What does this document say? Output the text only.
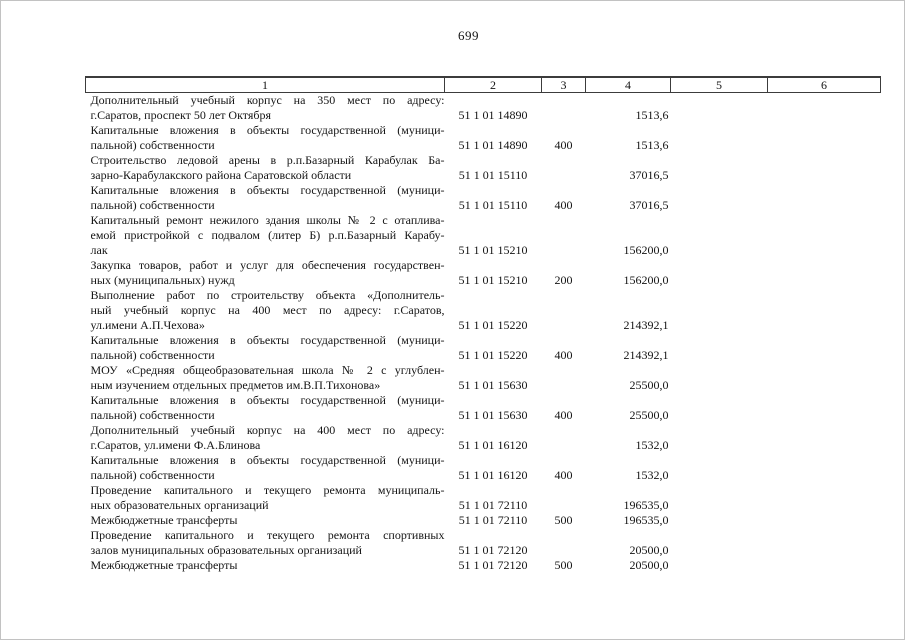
699
1	2	3	4	5	6

Дополнительный учебный корпус на 350 мест по адресу:
г.Саратов, проспект 50 лет Октября	51 1 01 14890		1513,6		

Капитальные вложения в объекты государственной (муници-
пальной) собственности	51 1 01 14890	400	1513,6		

Строительство ледовой арены в р.п.Базарный Карабулак Ба-
зарно-Карабулакского района Саратовской области	51 1 01 15110		37016,5		

Капитальные вложения в объекты государственной (муници-
пальной) собственности	51 1 01 15110	400	37016,5		

Капитальный ремонт нежилого здания школы № 2 с отаплива-
емой пристройкой с подвалом (литер Б) р.п.Базарный Карабу-
лак	51 1 01 15210		156200,0		

Закупка товаров, работ и услуг для обеспечения государствен-
ных (муниципальных) нужд	51 1 01 15210	200	156200,0		

Выполнение работ по строительству объекта «Дополнитель-
ный учебный корпус на 400 мест по адресу: г.Саратов,
ул.имени А.П.Чехова»	51 1 01 15220		214392,1		

Капитальные вложения в объекты государственной (муници-
пальной) собственности	51 1 01 15220	400	214392,1		

МОУ «Средняя общеобразовательная школа № 2 с углублен-
ным изучением отдельных предметов им.В.П.Тихонова»	51 1 01 15630		25500,0		

Капитальные вложения в объекты государственной (муници-
пальной) собственности	51 1 01 15630	400	25500,0		

Дополнительный учебный корпус на 400 мест по адресу:
г.Саратов, ул.имени Ф.А.Блинова	51 1 01 16120		1532,0		

Капитальные вложения в объекты государственной (муници-
пальной) собственности	51 1 01 16120	400	1532,0		

Проведение капитального и текущего ремонта муниципаль-
ных образовательных организаций	51 1 01 72110		196535,0		

Межбюджетные трансферты	51 1 01 72110	500	196535,0		

Проведение капитального и текущего ремонта спортивных
залов муниципальных образовательных организаций	51 1 01 72120		20500,0		

Межбюджетные трансферты	51 1 01 72120	500	20500,0		
